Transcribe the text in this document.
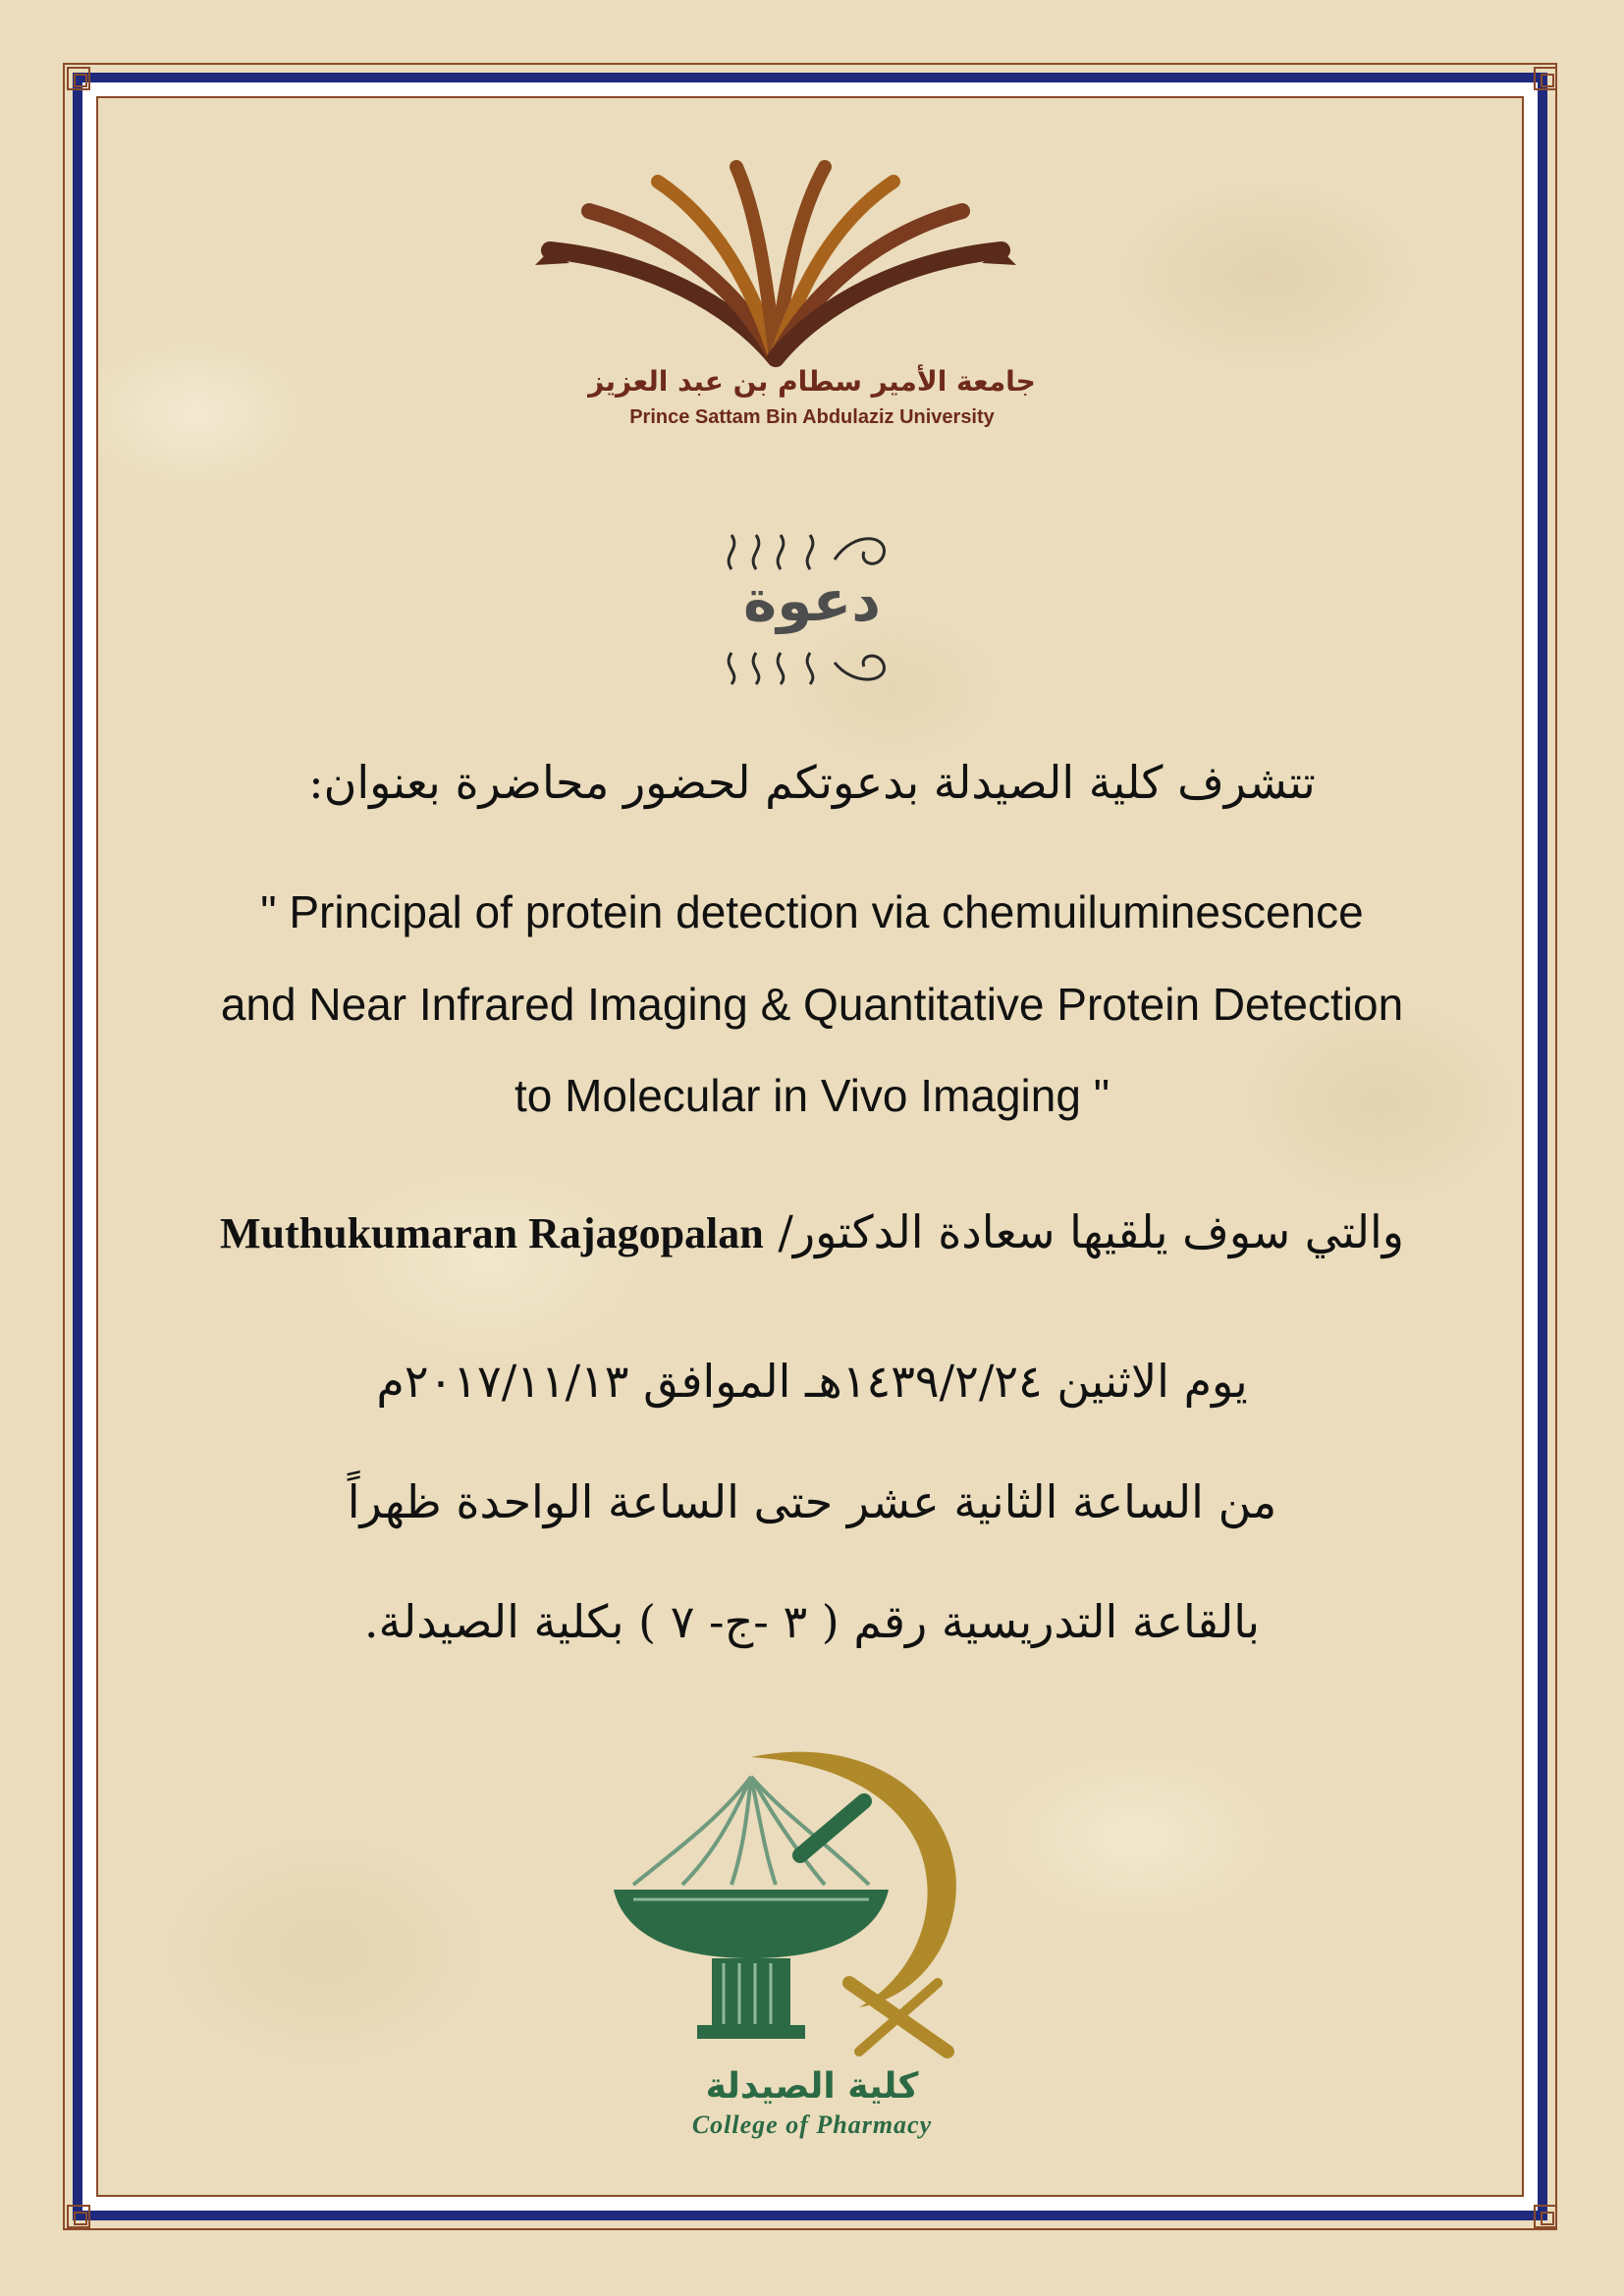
جامعة الأمير سطام بن عبد العزيز
Prince Sattam Bin Abdulaziz University
دعوة
تتشرف كلية الصيدلة بدعوتكم لحضور محاضرة بعنوان:
" Principal of protein detection via chemuiluminescence
and Near Infrared Imaging & Quantitative Protein Detection
to Molecular in Vivo Imaging "
Muthukumaran Rajagopalan والتي سوف يلقيها سعادة الدكتور/
يوم الاثنين ١٤٣٩/٢/٢٤هـ الموافق ٢٠١٧/١١/١٣م
من الساعة الثانية عشر حتى الساعة الواحدة ظهراً
بالقاعة التدريسية رقم ( ٣ -ج- ٧ ) بكلية الصيدلة.
كلية الصيدلة
College of Pharmacy
